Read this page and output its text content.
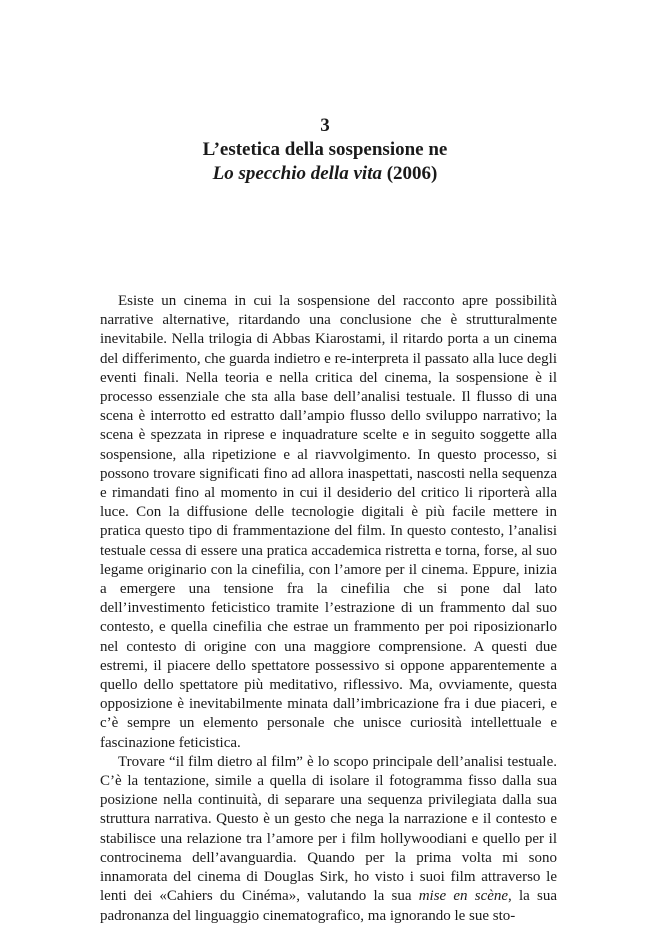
3
L’estetica della sospensione ne
Lo specchio della vita (2006)

Esiste un cinema in cui la sospensione del racconto apre possibilità narrative alternative, ritardando una conclusione che è strutturalmente inevitabile. Nella trilogia di Abbas Kiarostami, il ritardo porta a un cinema del differimento, che guarda indietro e re-interpreta il passato alla luce degli eventi finali. Nella teoria e nella critica del cinema, la sospensione è il processo essenziale che sta alla base dell’analisi testuale. Il flusso di una scena è interrotto ed estratto dall’ampio flusso dello sviluppo narrativo; la scena è spezzata in riprese e inquadrature scelte e in seguito soggette alla sospensione, alla ripetizione e al riavvolgimento. In questo processo, si possono trovare significati fino ad allora inaspettati, nascosti nella sequenza e rimandati fino al momento in cui il desiderio del critico li riporterà alla luce. Con la diffusione delle tecnologie digitali è più facile mettere in pratica questo tipo di frammentazione del film. In questo contesto, l’analisi testuale cessa di essere una pratica accademica ristretta e torna, forse, al suo legame originario con la cinefilia, con l’amore per il cinema. Eppure, inizia a emergere una tensione fra la cinefilia che si pone dal lato dell’investimento feticistico tramite l’estrazione di un frammento dal suo contesto, e quella cinefilia che estrae un frammento per poi riposizionarlo nel contesto di origine con una maggiore comprensione. A questi due estremi, il piacere dello spettatore possessivo si oppone apparentemente a quello dello spettatore più meditativo, riflessivo. Ma, ovviamente, questa opposizione è inevitabilmente minata dall’imbricazione fra i due piaceri, e c’è sempre un elemento personale che unisce curiosità intellettuale e fascinazione feticistica.

Trovare “il film dietro al film” è lo scopo principale dell’analisi testuale. C’è la tentazione, simile a quella di isolare il fotogramma fisso dalla sua posizione nella continuità, di separare una sequenza privilegiata dalla sua struttura narrativa. Questo è un gesto che nega la narrazione e il contesto e stabilisce una relazione tra l’amore per i film hollywoodiani e quello per il controcinema dell’avanguardia. Quando per la prima volta mi sono innamorata del cinema di Douglas Sirk, ho visto i suoi film attraverso le lenti dei «Cahiers du Cinéma», valutando la sua mise en scène, la sua padronanza del linguaggio cinematografico, ma ignorando le sue sto-
